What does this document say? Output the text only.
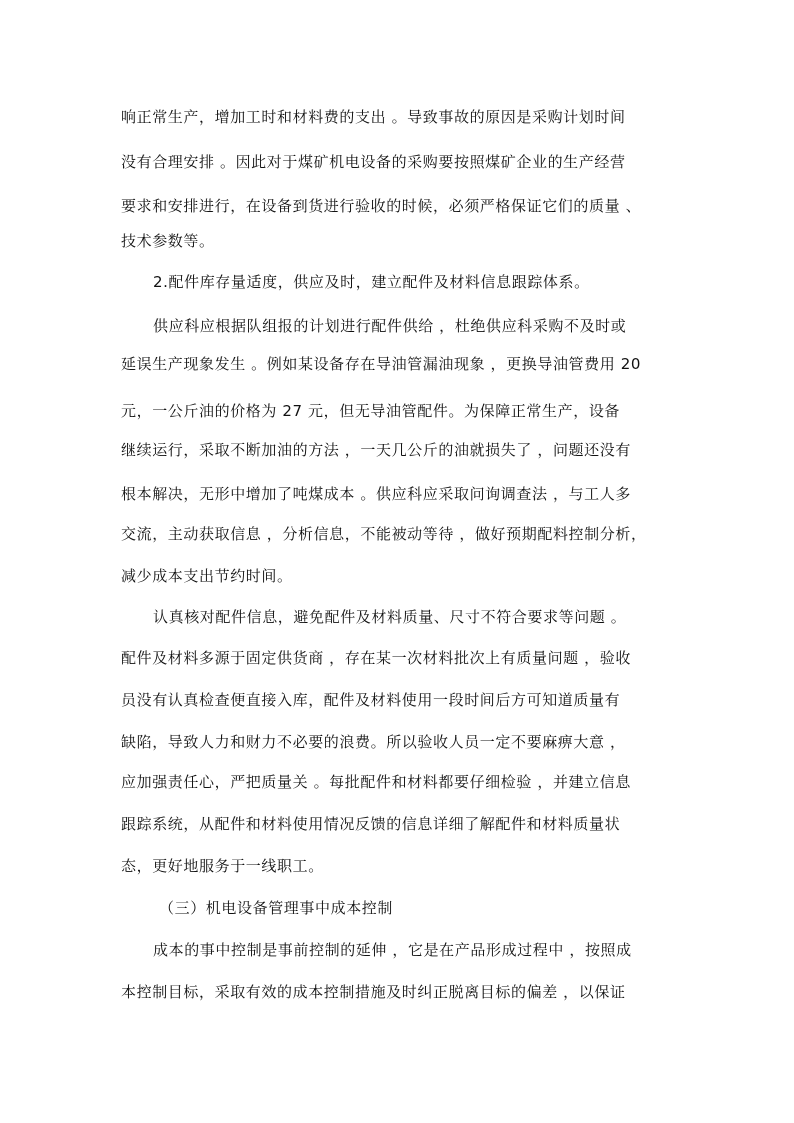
响正常生产，增加工时和材料费的支出 。导致事故的原因是采购计划时间
没有合理安排 。因此对于煤矿机电设备的采购要按照煤矿企业的生产经营
要求和安排进行，在设备到货进行验收的时候，必须严格保证它们的质量 、
技术参数等。
2.配件库存量适度，供应及时，建立配件及材料信息跟踪体系。
供应科应根据队组报的计划进行配件供给 ，杜绝供应科采购不及时或
延误生产现象发生 。例如某设备存在导油管漏油现象 ，更换导油管费用 20
元，一公斤油的价格为 27 元，但无导油管配件。为保障正常生产，设备
继续运行，采取不断加油的方法 ，一天几公斤的油就损失了 ，问题还没有
根本解决，无形中增加了吨煤成本 。供应科应采取问询调查法 ，与工人多
交流，主动获取信息 ，分析信息，不能被动等待 ，做好预期配料控制分析，
减少成本支出节约时间。
认真核对配件信息，避免配件及材料质量、尺寸不符合要求等问题 。
配件及材料多源于固定供货商 ，存在某一次材料批次上有质量问题 ，验收
员没有认真检查便直接入库，配件及材料使用一段时间后方可知道质量有
缺陷，导致人力和财力不必要的浪费。所以验收人员一定不要麻痹大意 ，
应加强责任心，严把质量关 。每批配件和材料都要仔细检验 ，并建立信息
跟踪系统，从配件和材料使用情况反馈的信息详细了解配件和材料质量状
态，更好地服务于一线职工。
（三）机电设备管理事中成本控制
成本的事中控制是事前控制的延伸 ，它是在产品形成过程中 ，按照成
本控制目标，采取有效的成本控制措施及时纠正脱离目标的偏差 ，以保证
